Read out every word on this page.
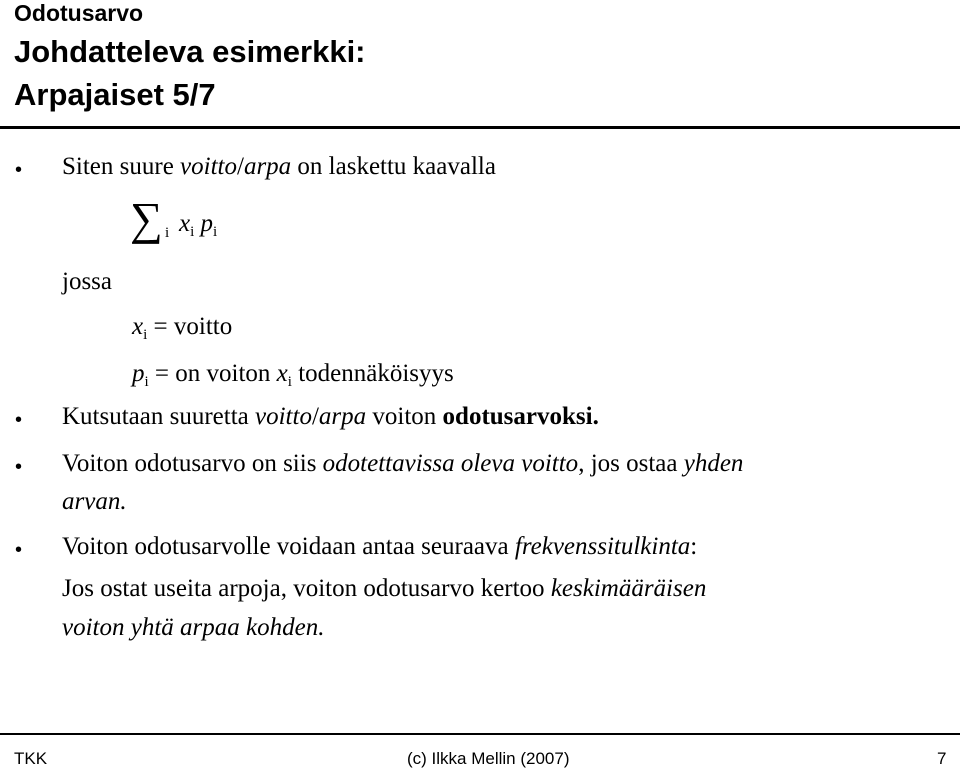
Odotusarvo
Johdatteleva esimerkki:
Arpajaiset 5/7
• Siten suure voitto/arpa on laskettu kaavalla
∑ i $x_i$ $p_i$
jossa
$x_i$ = voitto
$p_i$ = on voiton $x_i$ todennäköisyys
• Kutsutaan suuretta voitto/arpa voiton odotusarvoksi.
• Voiton odotusarvo on siis odotettavissa oleva voitto, jos ostaa yhden
arvan.
• Voiton odotusarvolle voidaan antaa seuraava frekvenssitulkinta:
Jos ostat useita arpoja, voiton odotusarvo kertoo keskimääräisen
voiton yhtä arpaa kohden.
TKK	(c) Ilkka Mellin (2007)	7
